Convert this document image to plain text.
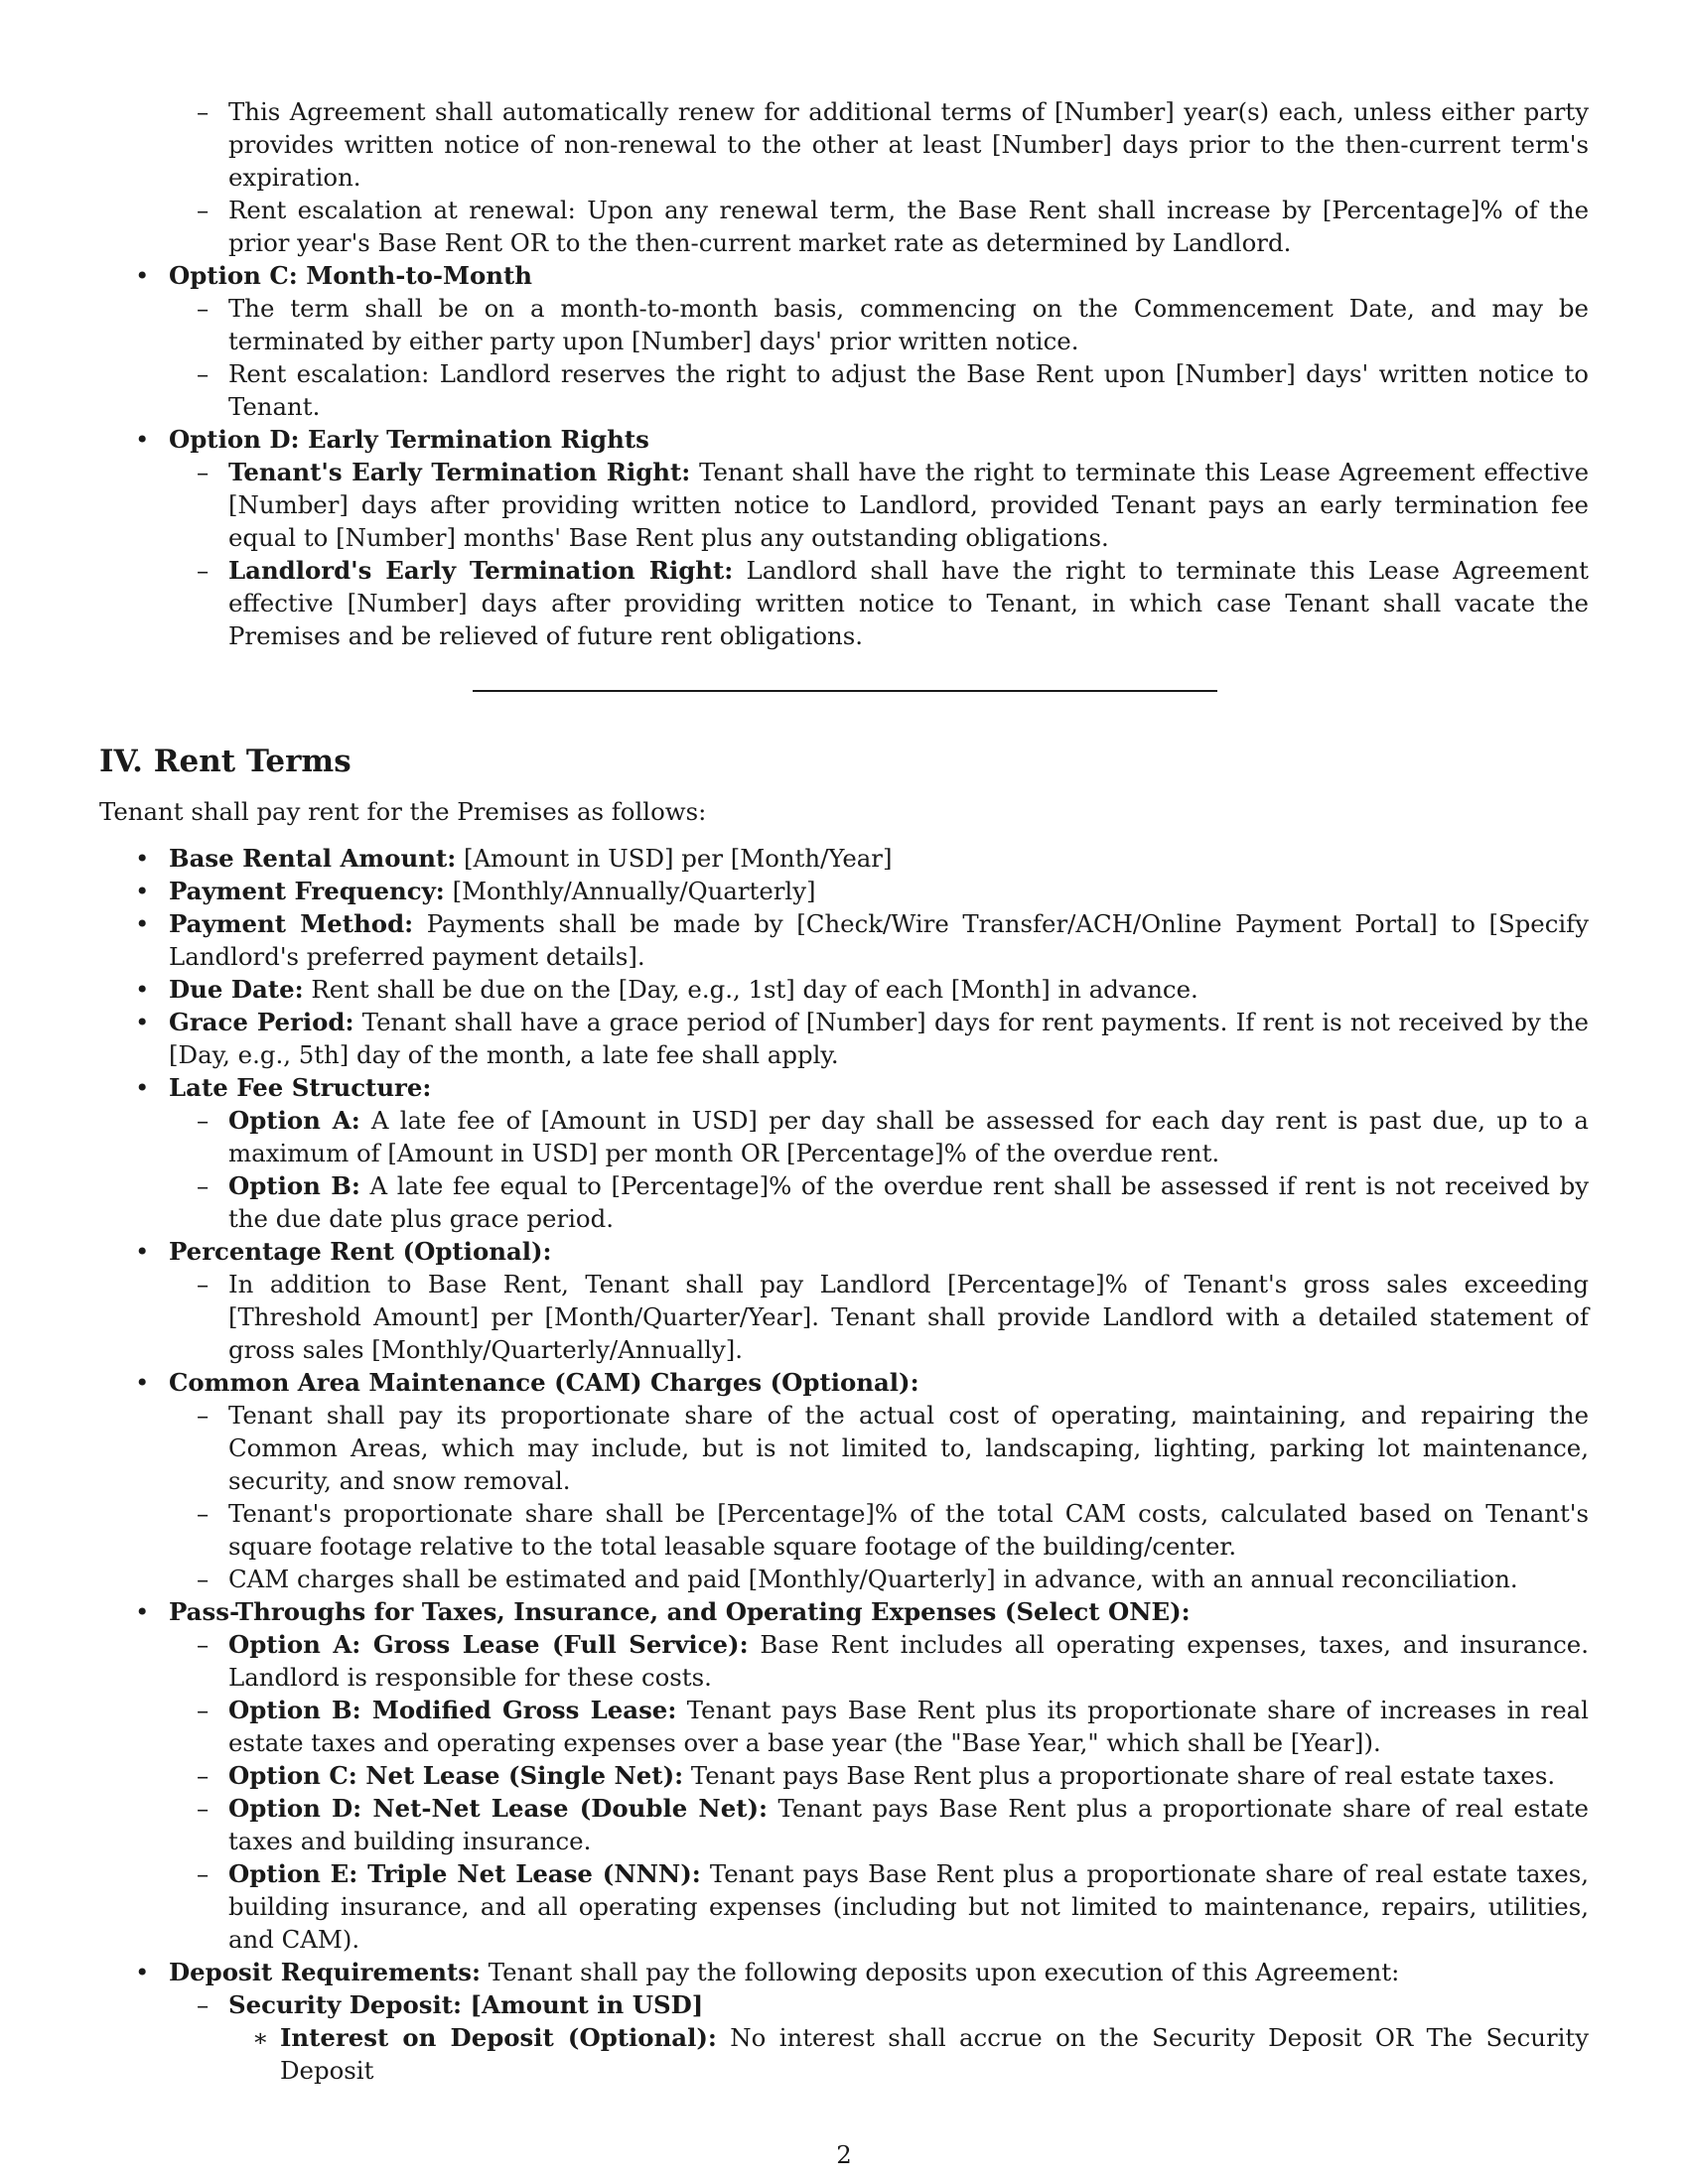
– This Agreement shall automatically renew for additional terms of [Number] year(s) each, unless either party provides written notice of non-renewal to the other at least [Number] days prior to the then-current term's expiration.
– Rent escalation at renewal: Upon any renewal term, the Base Rent shall increase by [Percentage]% of the prior year's Base Rent OR to the then-current market rate as determined by Landlord.
• Option C: Month-to-Month
– The term shall be on a month-to-month basis, commencing on the Commencement Date, and may be terminated by either party upon [Number] days' prior written notice.
– Rent escalation: Landlord reserves the right to adjust the Base Rent upon [Number] days' written notice to Tenant.
• Option D: Early Termination Rights
– Tenant's Early Termination Right: Tenant shall have the right to terminate this Lease Agreement effective [Number] days after providing written notice to Landlord, provided Tenant pays an early termination fee equal to [Number] months' Base Rent plus any outstanding obligations.
– Landlord's Early Termination Right: Landlord shall have the right to terminate this Lease Agreement effective [Number] days after providing written notice to Tenant, in which case Tenant shall vacate the Premises and be relieved of future rent obligations.
IV. Rent Terms
Tenant shall pay rent for the Premises as follows:
• Base Rental Amount: [Amount in USD] per [Month/Year]
• Payment Frequency: [Monthly/Annually/Quarterly]
• Payment Method: Payments shall be made by [Check/Wire Transfer/ACH/Online Payment Portal] to [Specify Landlord's preferred payment details].
• Due Date: Rent shall be due on the [Day, e.g., 1st] day of each [Month] in advance.
• Grace Period: Tenant shall have a grace period of [Number] days for rent payments. If rent is not received by the [Day, e.g., 5th] day of the month, a late fee shall apply.
• Late Fee Structure:
– Option A: A late fee of [Amount in USD] per day shall be assessed for each day rent is past due, up to a maximum of [Amount in USD] per month OR [Percentage]% of the overdue rent.
– Option B: A late fee equal to [Percentage]% of the overdue rent shall be assessed if rent is not received by the due date plus grace period.
• Percentage Rent (Optional):
– In addition to Base Rent, Tenant shall pay Landlord [Percentage]% of Tenant's gross sales exceeding [Threshold Amount] per [Month/Quarter/Year]. Tenant shall provide Landlord with a detailed statement of gross sales [Monthly/Quarterly/Annually].
• Common Area Maintenance (CAM) Charges (Optional):
– Tenant shall pay its proportionate share of the actual cost of operating, maintaining, and repairing the Common Areas, which may include, but is not limited to, landscaping, lighting, parking lot maintenance, security, and snow removal.
– Tenant's proportionate share shall be [Percentage]% of the total CAM costs, calculated based on Tenant's square footage relative to the total leasable square footage of the building/center.
– CAM charges shall be estimated and paid [Monthly/Quarterly] in advance, with an annual reconciliation.
• Pass-Throughs for Taxes, Insurance, and Operating Expenses (Select ONE):
– Option A: Gross Lease (Full Service): Base Rent includes all operating expenses, taxes, and insurance. Landlord is responsible for these costs.
– Option B: Modified Gross Lease: Tenant pays Base Rent plus its proportionate share of increases in real estate taxes and operating expenses over a base year (the "Base Year," which shall be [Year]).
– Option C: Net Lease (Single Net): Tenant pays Base Rent plus a proportionate share of real estate taxes.
– Option D: Net-Net Lease (Double Net): Tenant pays Base Rent plus a proportionate share of real estate taxes and building insurance.
– Option E: Triple Net Lease (NNN): Tenant pays Base Rent plus a proportionate share of real estate taxes, building insurance, and all operating expenses (including but not limited to maintenance, repairs, utilities, and CAM).
• Deposit Requirements: Tenant shall pay the following deposits upon execution of this Agreement:
– Security Deposit: [Amount in USD]
∗ Interest on Deposit (Optional): No interest shall accrue on the Security Deposit OR The Security Deposit
2
